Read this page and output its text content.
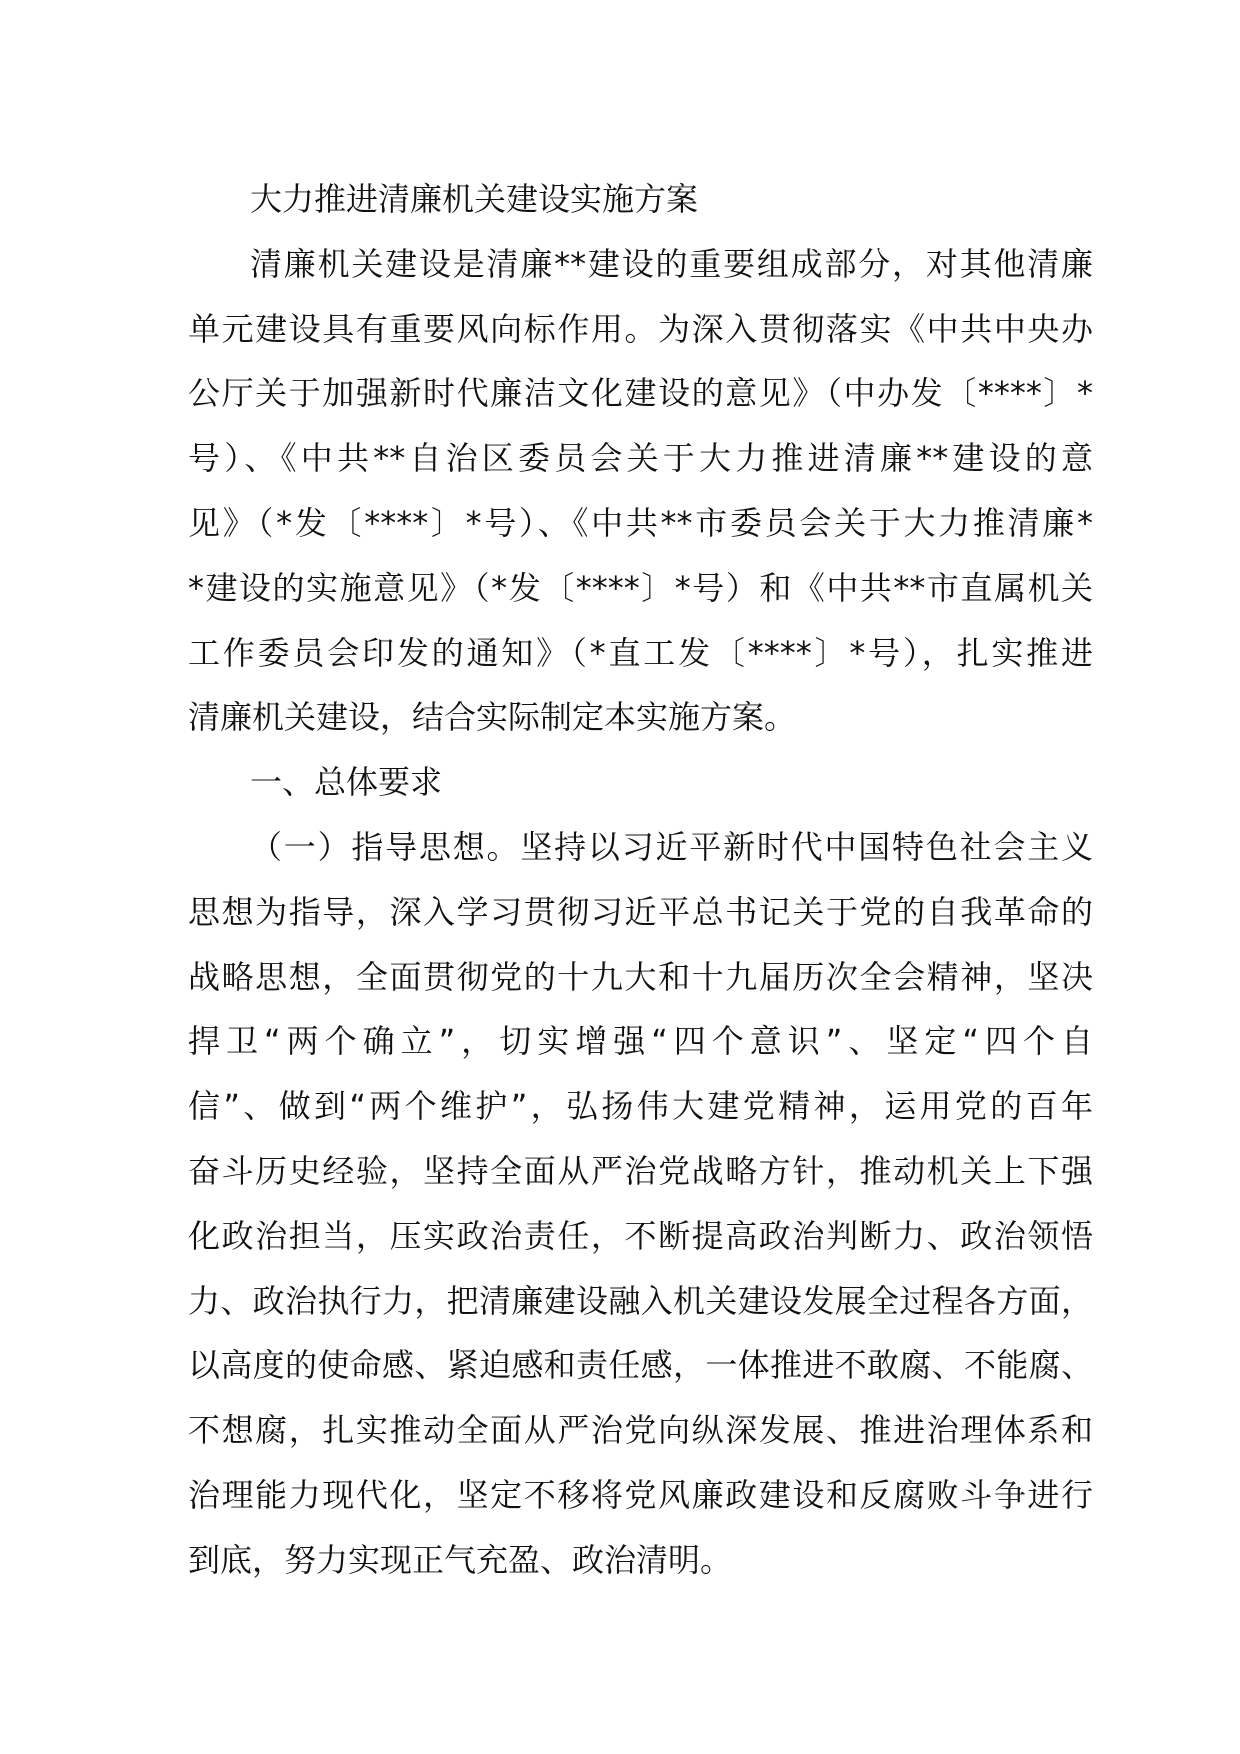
大力推进清廉机关建设实施方案
清廉机关建设是清廉**建设的重要组成部分，对其他清廉
单元建设具有重要风向标作用。为深入贯彻落实《中共中央办
公厅关于加强新时代廉洁文化建设的意见》（中办发〔****〕*
号）、《中共**自治区委员会关于大力推进清廉**建设的意
见》（*发〔****〕*号）、《中共**市委员会关于大力推清廉*
*建设的实施意见》（*发〔****〕*号）和《中共**市直属机关
工作委员会印发的通知》（*直工发〔****〕*号），扎实推进
清廉机关建设，结合实际制定本实施方案。
一、总体要求
（一）指导思想。坚持以习近平新时代中国特色社会主义
思想为指导，深入学习贯彻习近平总书记关于党的自我革命的
战略思想，全面贯彻党的十九大和十九届历次全会精神，坚决
捍卫“两个确立”，切实增强“四个意识”、坚定“四个自
信”、做到“两个维护”，弘扬伟大建党精神，运用党的百年
奋斗历史经验，坚持全面从严治党战略方针，推动机关上下强
化政治担当，压实政治责任，不断提高政治判断力、政治领悟
力、政治执行力，把清廉建设融入机关建设发展全过程各方面，
以高度的使命感、紧迫感和责任感，一体推进不敢腐、不能腐、
不想腐，扎实推动全面从严治党向纵深发展、推进治理体系和
治理能力现代化，坚定不移将党风廉政建设和反腐败斗争进行
到底，努力实现正气充盈、政治清明。
